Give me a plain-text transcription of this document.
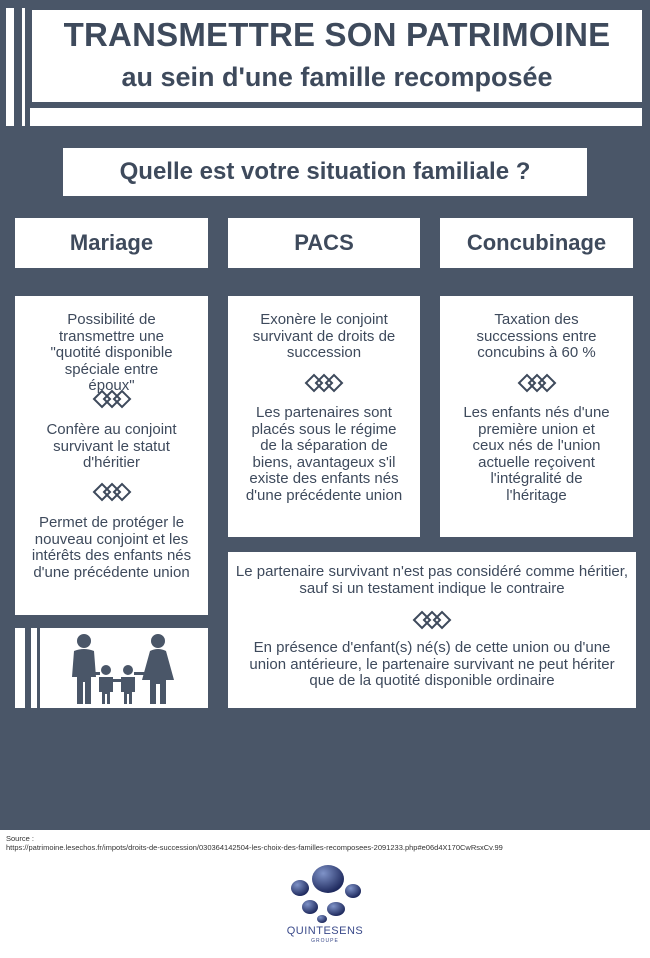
TRANSMETTRE SON PATRIMOINE
au sein d'une famille recomposée
Quelle est votre situation familiale ?
Mariage	PACS	Concubinage

Possibilité de transmettre une "quotité disponible spéciale entre époux"

Confère au conjoint survivant le statut d'héritier

Permet de protéger le nouveau conjoint et les intérêts des enfants nés d'une précédente union

Exonère le conjoint survivant de droits de succession

Les partenaires sont placés sous le régime de la séparation de biens, avantageux s'il existe des enfants nés d'une précédente union

Taxation des successions entre concubins à 60 %

Les enfants nés d'une première union et ceux nés de l'union actuelle reçoivent l'intégralité de l'héritage

Le partenaire survivant n'est pas considéré comme héritier, sauf si un testament indique le contraire

En présence d'enfant(s) né(s) de cette union ou d'une union antérieure, le partenaire survivant ne peut hériter que de la quotité disponible ordinaire

Source :
https://patrimoine.lesechos.fr/impots/droits-de-succession/030364142504-les-choix-des-familles-recomposees-2091233.php#e06d4X170CwRsxCv.99
QUINTESENS
GROUPE
